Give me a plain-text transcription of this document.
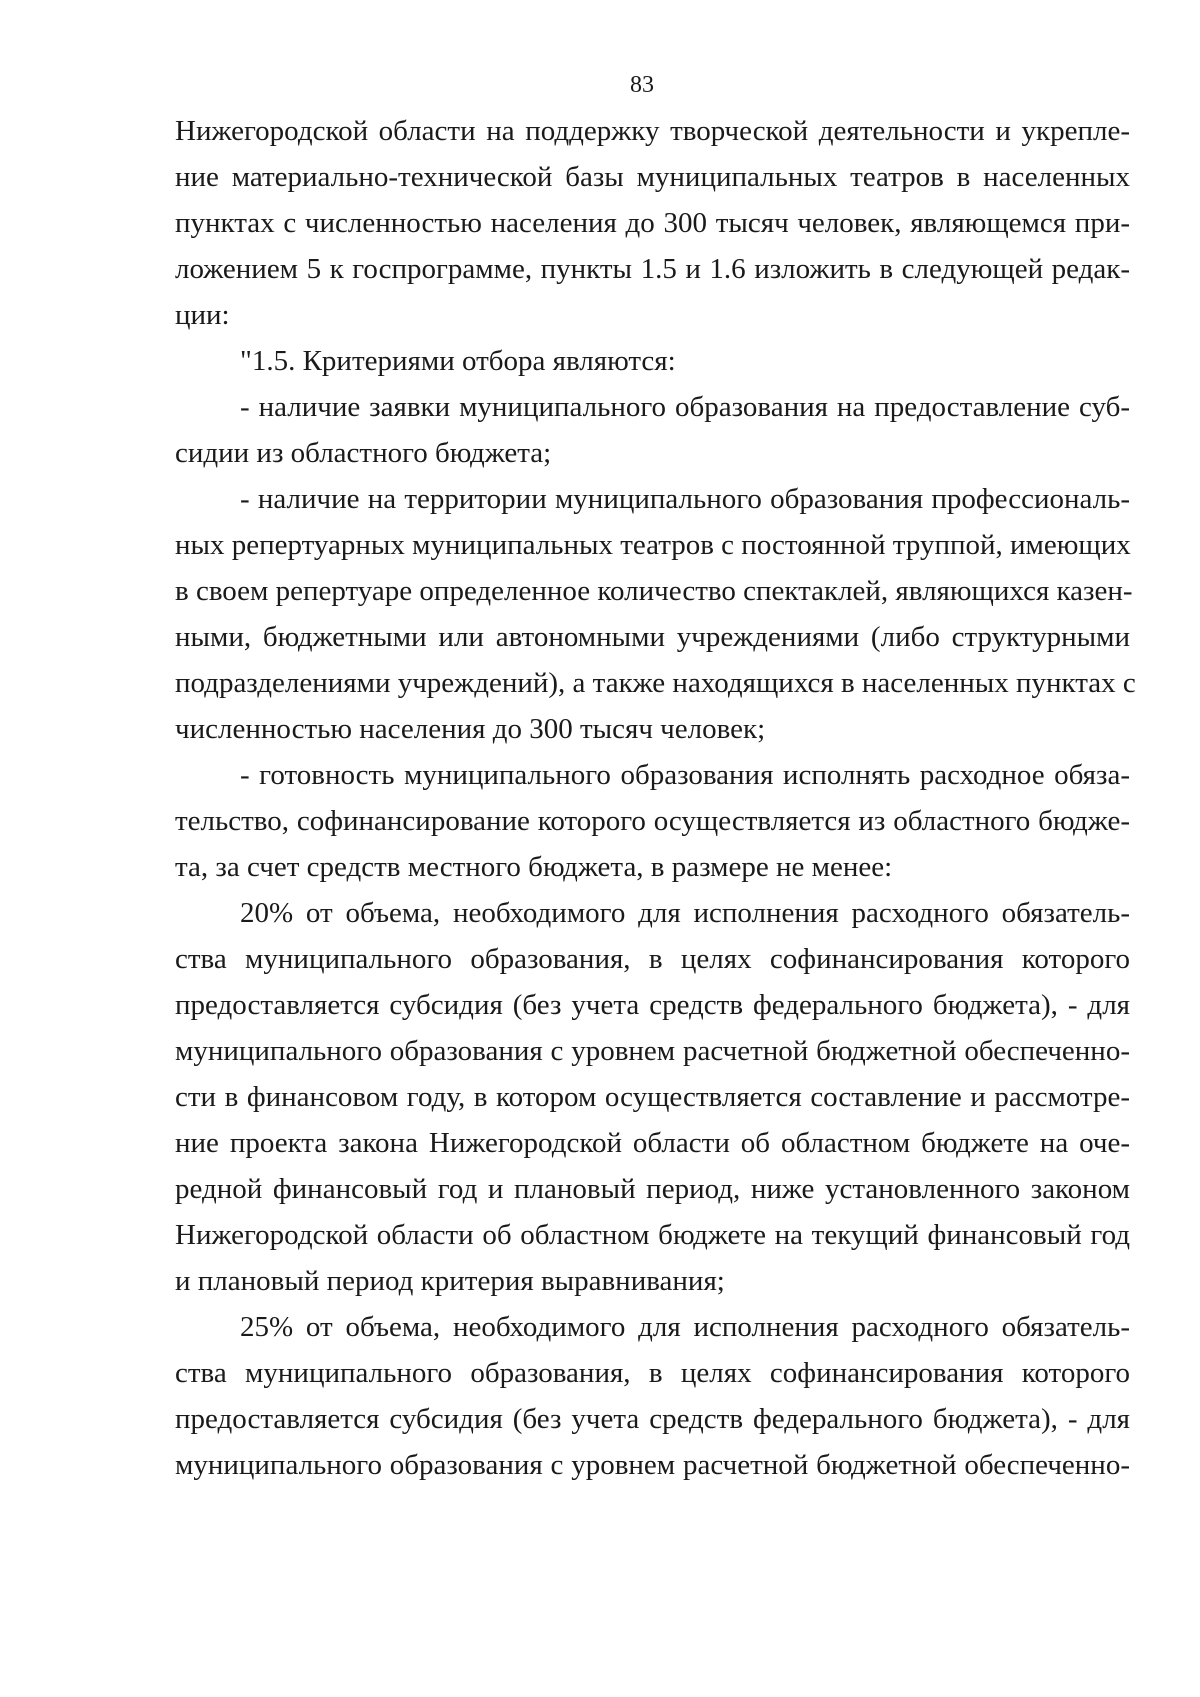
83
Нижегородской области на поддержку творческой деятельности и укрепле-
ние материально-технической базы муниципальных театров в населенных
пунктах с численностью населения до 300 тысяч человек, являющемся при-
ложением 5 к госпрограмме, пункты 1.5 и 1.6 изложить в следующей редак-
ции:
"1.5. Критериями отбора являются:
- наличие заявки муниципального образования на предоставление суб-
сидии из областного бюджета;
- наличие на территории муниципального образования профессиональ-
ных репертуарных муниципальных театров с постоянной труппой, имеющих
в своем репертуаре определенное количество спектаклей, являющихся казен-
ными, бюджетными или автономными учреждениями (либо структурными
подразделениями учреждений), а также находящихся в населенных пунктах с
численностью населения до 300 тысяч человек;
- готовность муниципального образования исполнять расходное обяза-
тельство, софинансирование которого осуществляется из областного бюдже-
та, за счет средств местного бюджета, в размере не менее:
20% от объема, необходимого для исполнения расходного обязатель-
ства муниципального образования, в целях софинансирования которого
предоставляется субсидия (без учета средств федерального бюджета), - для
муниципального образования с уровнем расчетной бюджетной обеспеченно-
сти в финансовом году, в котором осуществляется составление и рассмотре-
ние проекта закона Нижегородской области об областном бюджете на оче-
редной финансовый год и плановый период, ниже установленного законом
Нижегородской области об областном бюджете на текущий финансовый год
и плановый период критерия выравнивания;
25% от объема, необходимого для исполнения расходного обязатель-
ства муниципального образования, в целях софинансирования которого
предоставляется субсидия (без учета средств федерального бюджета), - для
муниципального образования с уровнем расчетной бюджетной обеспеченно-
